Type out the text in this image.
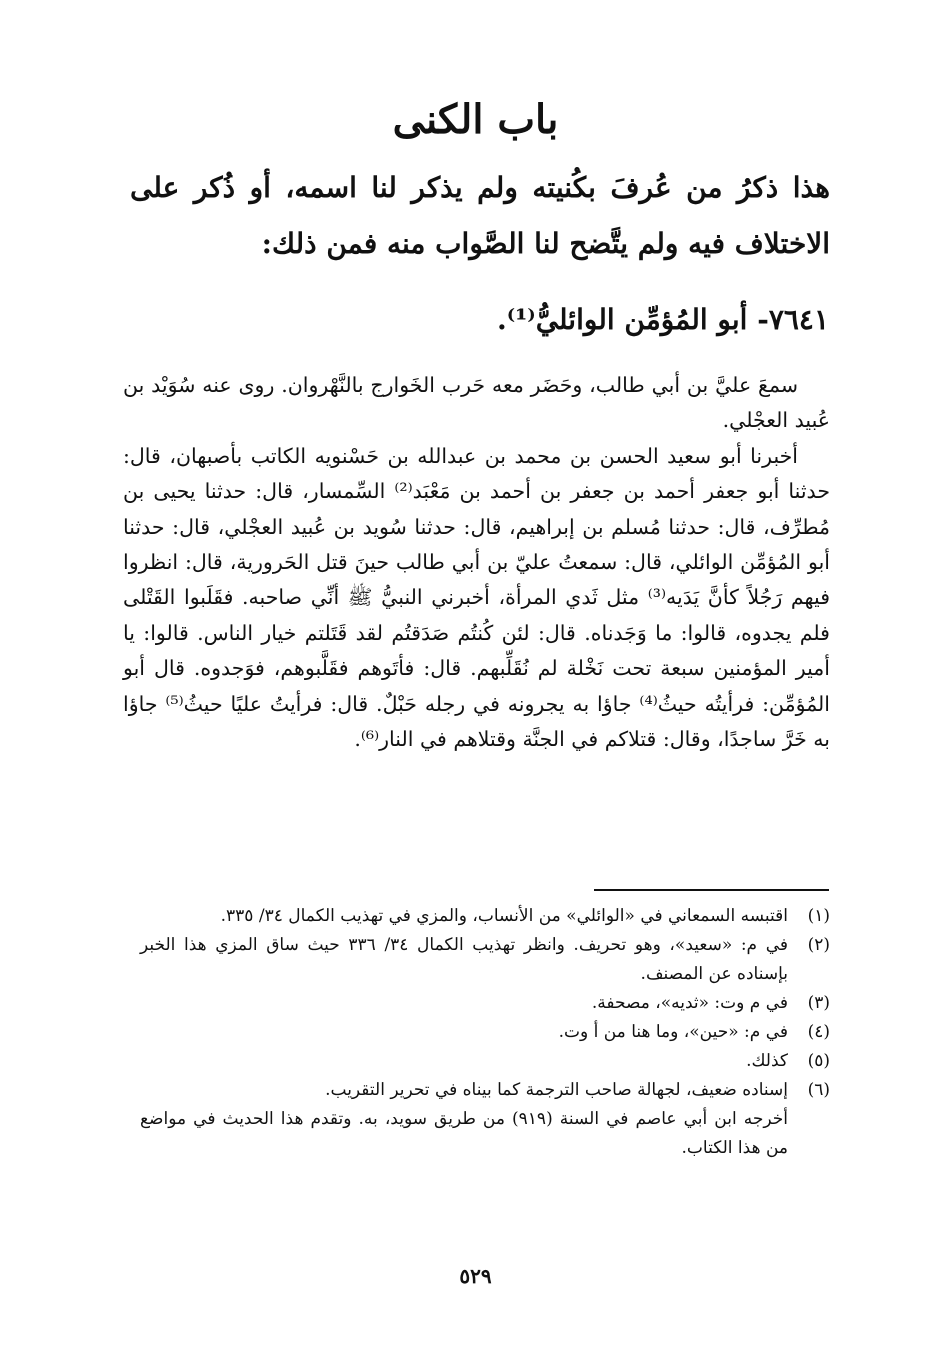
باب الكنى

هذا ذكرُ من عُرفَ بكُنيته ولم يذكر لنا اسمه، أو ذُكر على الاختلاف فيه ولم يتَّضح لنا الصَّواب منه فمن ذلك:

٧٦٤١- أبو المُؤمِّن الوائليُّ⁽¹⁾.

سمعَ عليَّ بن أبي طالب، وحَضَر معه حَرب الخَوارج بالنَّهْروان. روى عنه سُوَيْد بن عُبيد العجْلي.

أخبرنا أبو سعيد الحسن بن محمد بن عبدالله بن حَسْنويه الكاتب بأصبهان، قال: حدثنا أبو جعفر أحمد بن جعفر بن أحمد بن مَعْبَد⁽²⁾ السِّمسار، قال: حدثنا يحيى بن مُطرِّف، قال: حدثنا مُسلم بن إبراهيم، قال: حدثنا سُويد بن عُبيد العجْلي، قال: حدثنا أبو المُؤمِّن الوائلي، قال: سمعتُ عليّ بن أبي طالب حينَ قتل الحَرورية، قال: انظروا فيهم رَجُلاً كأنَّ يَدَيه⁽³⁾ مثل ثَدي المرأة، أخبرني النبيُّ ﷺ أنِّي صاحبه. فقَلَبوا القَتْلى فلم يجدوه، قالوا: ما وَجَدناه. قال: لئن كُنتُم صَدَقتُم لقد قَتَلتم خيار الناس. قالوا: يا أمير المؤمنين سبعة تحت نَخْلة لم نُقَلِّبهم. قال: فأتَوهم فقَلَّبوهم، فوَجدوه. قال أبو المُؤمِّن: فرأيتُه حيثُ⁽⁴⁾ جاؤا به يجرونه في رجله حَبْلٌ. قال: فرأيتُ عليًا حيثُ⁽⁵⁾ جاؤا به خَرَّ ساجدًا، وقال: قتلاكم في الجنَّة وقتلاهم في النار⁽⁶⁾.

(١)
اقتبسه السمعاني في «الوائلي» من الأنساب، والمزي في تهذيب الكمال ٣٤/ ٣٣٥.
(٢)
في م: «سعيد»، وهو تحريف. وانظر تهذيب الكمال ٣٤/ ٣٣٦ حيث ساق المزي هذا الخبر بإسناده عن المصنف.
(٣)
في م وت: «ثديه»، مصحفة.
(٤)
في م: «حين»، وما هنا من أ وت.
(٥)
كذلك.
(٦)
إسناده ضعيف، لجهالة صاحب الترجمة كما بيناه في تحرير التقريب.
أخرجه ابن أبي عاصم في السنة (٩١٩) من طريق سويد، به. وتقدم هذا الحديث في مواضع من هذا الكتاب.
٥٢٩
